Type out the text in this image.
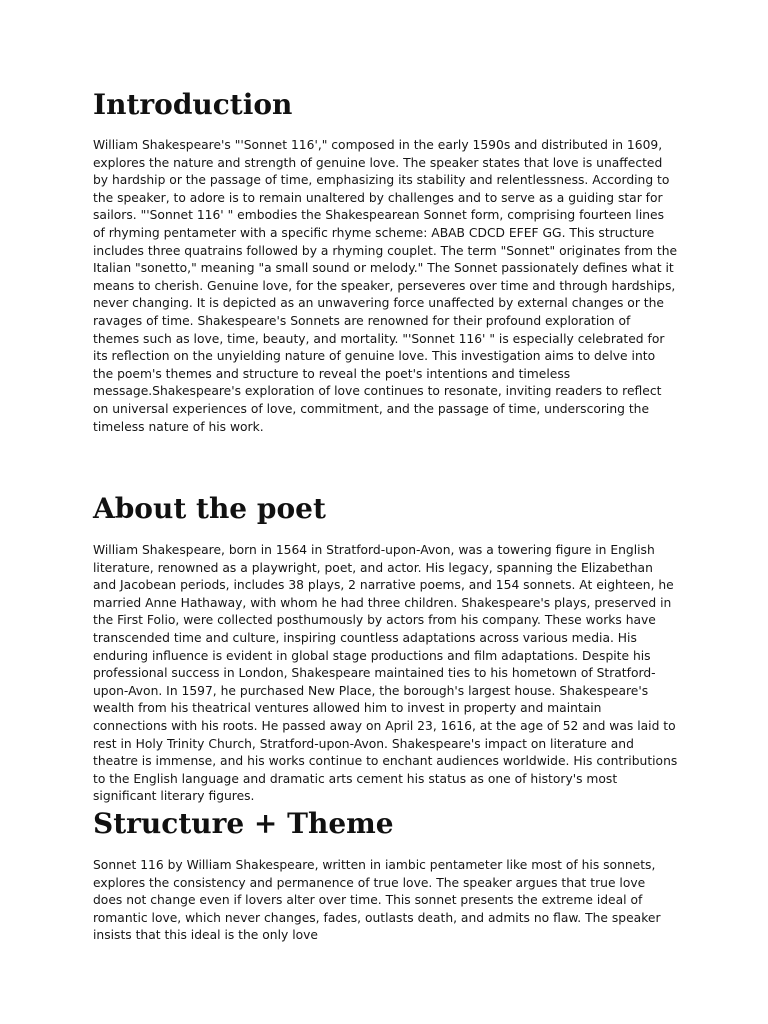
Introduction

William Shakespeare's "'Sonnet 116'," composed in the early 1590s and distributed in 1609, explores the nature and strength of genuine love. The speaker states that love is unaffected by hardship or the passage of time, emphasizing its stability and relentlessness. According to the speaker, to adore is to remain unaltered by challenges and to serve as a guiding star for sailors. "'Sonnet 116' " embodies the Shakespearean Sonnet form, comprising fourteen lines of rhyming pentameter with a specific rhyme scheme: ABAB CDCD EFEF GG. This structure includes three quatrains followed by a rhyming couplet. The term "Sonnet" originates from the Italian "sonetto," meaning "a small sound or melody." The Sonnet passionately defines what it means to cherish. Genuine love, for the speaker, perseveres over time and through hardships, never changing. It is depicted as an unwavering force unaffected by external changes or the ravages of time. Shakespeare's Sonnets are renowned for their profound exploration of themes such as love, time, beauty, and mortality. "'Sonnet 116' " is especially celebrated for its reflection on the unyielding nature of genuine love. This investigation aims to delve into the poem's themes and structure to reveal the poet's intentions and timeless message.Shakespeare's exploration of love continues to resonate, inviting readers to reflect on universal experiences of love, commitment, and the passage of time, underscoring the timeless nature of his work.

About the poet

William Shakespeare, born in 1564 in Stratford-upon-Avon, was a towering figure in English literature, renowned as a playwright, poet, and actor. His legacy, spanning the Elizabethan and Jacobean periods, includes 38 plays, 2 narrative poems, and 154 sonnets. At eighteen, he married Anne Hathaway, with whom he had three children. Shakespeare's plays, preserved in the First Folio, were collected posthumously by actors from his company. These works have transcended time and culture, inspiring countless adaptations across various media. His enduring influence is evident in global stage productions and film adaptations. Despite his professional success in London, Shakespeare maintained ties to his hometown of Stratford-upon-Avon. In 1597, he purchased New Place, the borough's largest house. Shakespeare's wealth from his theatrical ventures allowed him to invest in property and maintain connections with his roots. He passed away on April 23, 1616, at the age of 52 and was laid to rest in Holy Trinity Church, Stratford-upon-Avon. Shakespeare's impact on literature and theatre is immense, and his works continue to enchant audiences worldwide. His contributions to the English language and dramatic arts cement his status as one of history's most significant literary figures.

Structure + Theme

Sonnet 116 by William Shakespeare, written in iambic pentameter like most of his sonnets, explores the consistency and permanence of true love. The speaker argues that true love does not change even if lovers alter over time. This sonnet presents the extreme ideal of romantic love, which never changes, fades, outlasts death, and admits no flaw. The speaker insists that this ideal is the only love
